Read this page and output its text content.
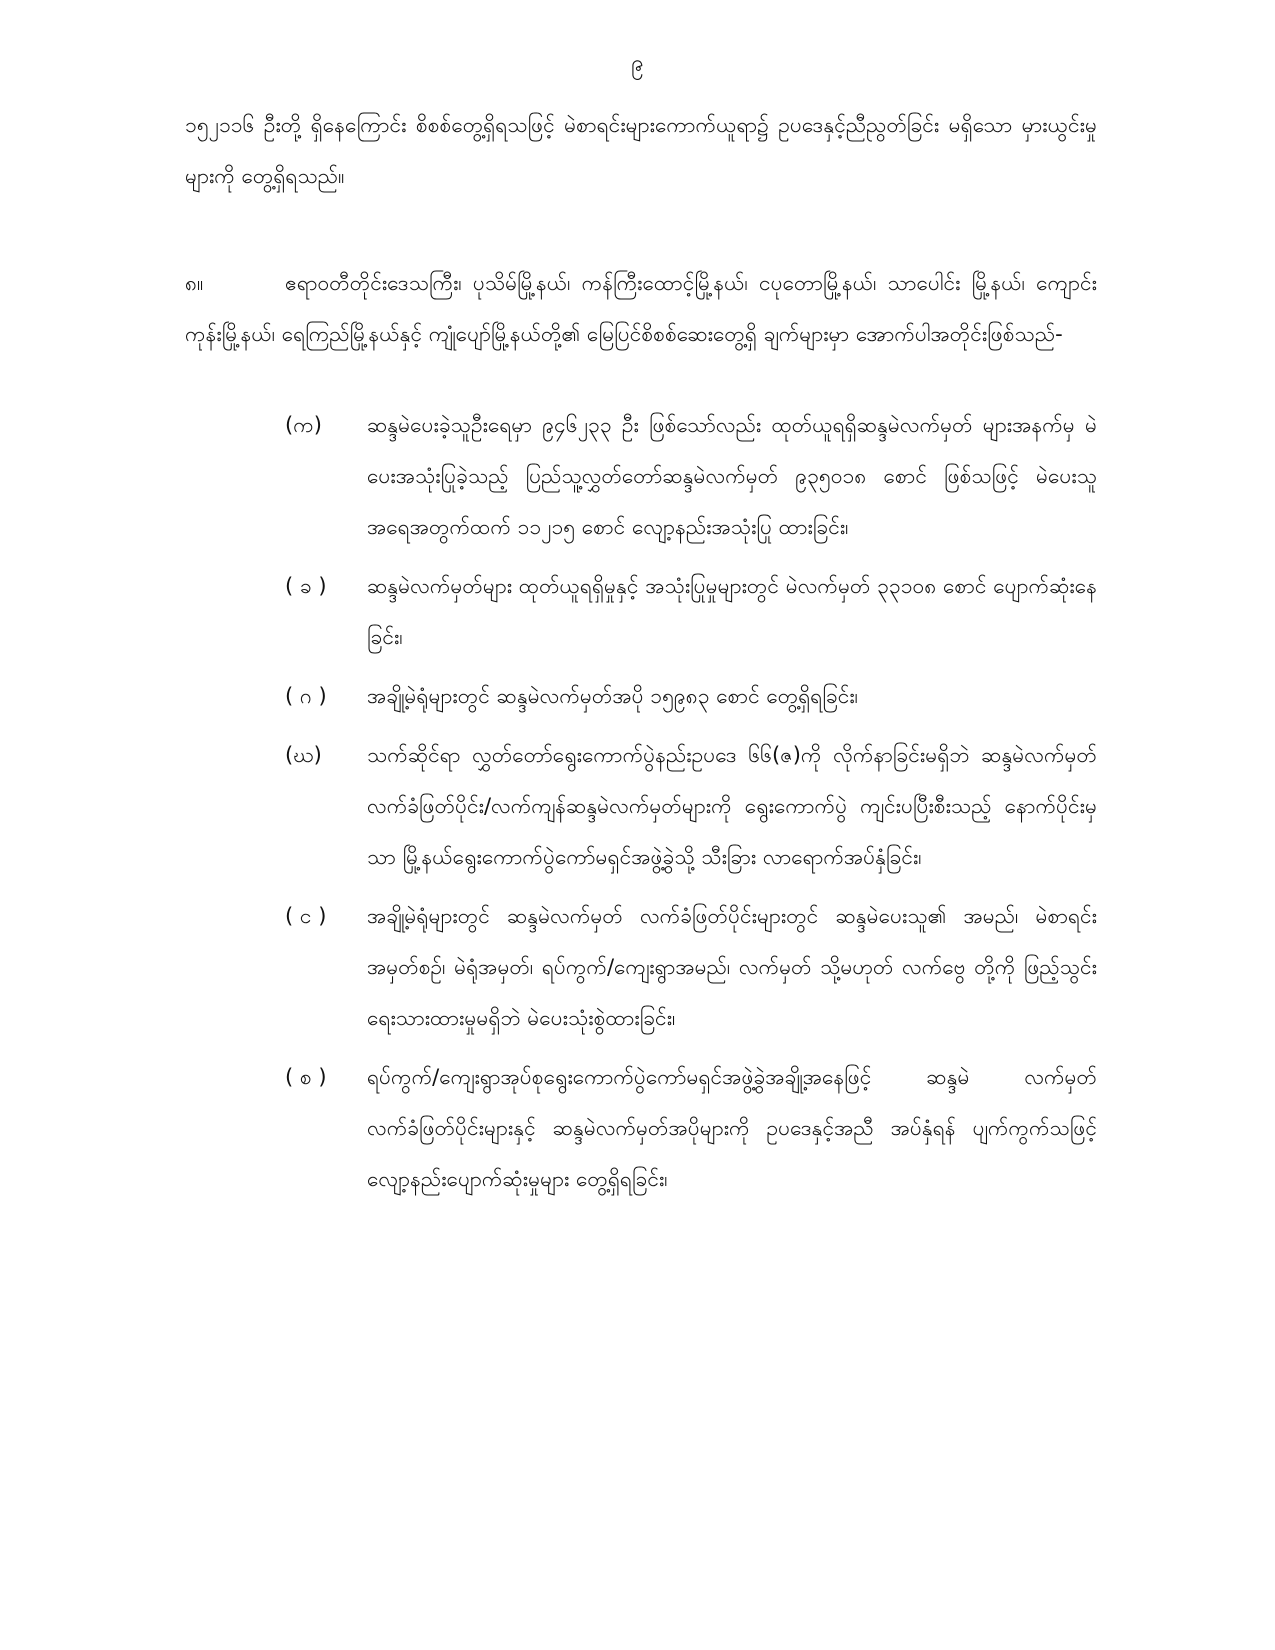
၉
၁၅၂၁၁၆ ဦးတို့ ရှိနေကြောင်း စိစစ်တွေ့ရှိရသဖြင့် မဲစာရင်းများကောက်ယူရာ၌ ဥပဒေနှင့်ညီညွတ်ခြင်း မရှိသော မှားယွင်းမှုများကို တွေ့ရှိရသည်။
၈။	ဧရာဝတီတိုင်းဒေသကြီး၊ ပုသိမ်မြို့နယ်၊ ကန်ကြီးထောင့်မြို့နယ်၊ ငပုတောမြို့နယ်၊ သာပေါင်း မြို့နယ်၊ ကျောင်းကုန်းမြို့နယ်၊ ရေကြည်မြို့နယ်နှင့် ကျုံပျော်မြို့နယ်တို့၏ မြေပြင်စိစစ်ဆေးတွေ့ရှိ ချက်များမှာ အောက်ပါအတိုင်းဖြစ်သည်-
(က)	ဆန္ဒမဲပေးခဲ့သူဦးရေမှာ ၉၄၆၂၃၃ ဦး ဖြစ်သော်လည်း ထုတ်ယူရရှိဆန္ဒမဲလက်မှတ် များအနက်မှ မဲပေးအသုံးပြုခဲ့သည့် ပြည်သူ့လွှတ်တော်ဆန္ဒမဲလက်မှတ် ၉၃၅၀၁၈ စောင် ဖြစ်သဖြင့် မဲပေးသူအရေအတွက်ထက် ၁၁၂၁၅ စောင် လျော့နည်းအသုံးပြု ထားခြင်း၊
( ခ )	ဆန္ဒမဲလက်မှတ်များ ထုတ်ယူရရှိမှုနှင့် အသုံးပြုမှုများတွင် မဲလက်မှတ် ၃၃၁၀၈ စောင် ပျောက်ဆုံးနေခြင်း၊
( ဂ )	အချို့မဲရုံများတွင် ဆန္ဒမဲလက်မှတ်အပို ၁၅၉၈၃ စောင် တွေ့ရှိရခြင်း၊
(ဃ)	သက်ဆိုင်ရာ လွှတ်တော်ရွေးကောက်ပွဲနည်းဥပဒေ ၆၆(ဇ)ကို လိုက်နာခြင်းမရှိဘဲ ဆန္ဒမဲလက်မှတ် လက်ခံဖြတ်ပိုင်း/လက်ကျန်ဆန္ဒမဲလက်မှတ်များကို ရွေးကောက်ပွဲ ကျင်းပပြီးစီးသည့် နောက်ပိုင်းမှသာ မြို့နယ်ရွေးကောက်ပွဲကော်မရှင်အဖွဲ့ခွဲသို့ သီးခြား လာရောက်အပ်နှံခြင်း၊
( င )	အချို့မဲရုံများတွင် ဆန္ဒမဲလက်မှတ် လက်ခံဖြတ်ပိုင်းများတွင် ဆန္ဒမဲပေးသူ၏ အမည်၊ မဲစာရင်း အမှတ်စဉ်၊ မဲရုံအမှတ်၊ ရပ်ကွက်/ကျေးရွာအမည်၊ လက်မှတ် သို့မဟုတ် လက်ဗွေ တို့ကို ဖြည့်သွင်းရေးသားထားမှုမရှိဘဲ မဲပေးသုံးစွဲထားခြင်း၊
( စ )	ရပ်ကွက်/ကျေးရွာအုပ်စုရွေးကောက်ပွဲကော်မရှင်အဖွဲ့ခွဲအချို့အနေဖြင့် ဆန္ဒမဲ လက်မှတ်လက်ခံဖြတ်ပိုင်းများနှင့် ဆန္ဒမဲလက်မှတ်အပိုများကို ဥပဒေနှင့်အညီ အပ်နှံရန် ပျက်ကွက်သဖြင့် လျော့နည်းပျောက်ဆုံးမှုများ တွေ့ရှိရခြင်း၊
